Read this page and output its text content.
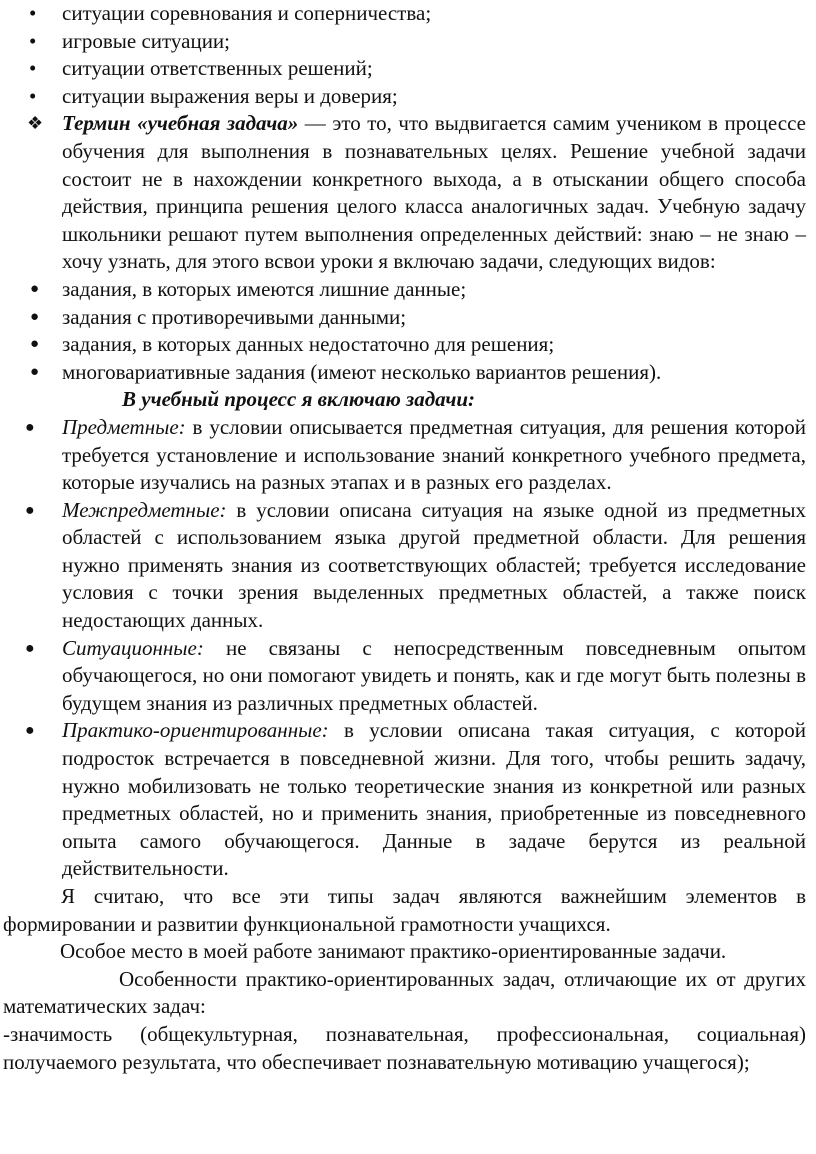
• ситуации соревнования и соперничества;
• игровые ситуации;
• ситуации ответственных решений;
• ситуации выражения веры и доверия;
❖ Термин «учебная задача» — это то, что выдвигается самим учеником в процессе обучения для выполнения в познавательных целях. Решение учебной задачи состоит не в нахождении конкретного выхода, а в отыскании общего способа действия, принципа решения целого класса аналогичных задач. Учебную задачу школьники решают путем выполнения определенных действий: знаю – не знаю – хочу узнать, для этого всвои уроки я включаю задачи, следующих видов:
● задания, в которых имеются лишние данные;
● задания с противоречивыми данными;
● задания, в которых данных недостаточно для решения;
● многовариативные задания (имеют несколько вариантов решения).
В учебный процесс я включаю задачи:
● Предметные: в условии описывается предметная ситуация, для решения которой требуется установление и использование знаний конкретного учебного предмета, которые изучались на разных этапах и в разных его разделах.
● Межпредметные: в условии описана ситуация на языке одной из предметных областей с использованием языка другой предметной области. Для решения нужно применять знания из соответствующих областей; требуется исследование условия с точки зрения выделенных предметных областей, а также поиск недостающих данных.
● Ситуационные: не связаны с непосредственным повседневным опытом обучающегося, но они помогают увидеть и понять, как и где могут быть полезны в будущем знания из различных предметных областей.
● Практико-ориентированные: в условии описана такая ситуация, с которой подросток встречается в повседневной жизни. Для того, чтобы решить задачу, нужно мобилизовать не только теоретические знания из конкретной или разных предметных областей, но и применить знания, приобретенные из повседневного опыта самого обучающегося. Данные в задаче берутся из реальной действительности.

Я считаю, что все эти типы задач являются важнейшим элементов в формировании и развитии функциональной грамотности учащихся.

Особое место в моей работе занимают практико-ориентированные задачи.

Особенности практико-ориентированных задач, отличающие их от других математических задач:

-значимость (общекультурная, познавательная, профессиональная, социальная) получаемого результата, что обеспечивает познавательную мотивацию учащегося);
